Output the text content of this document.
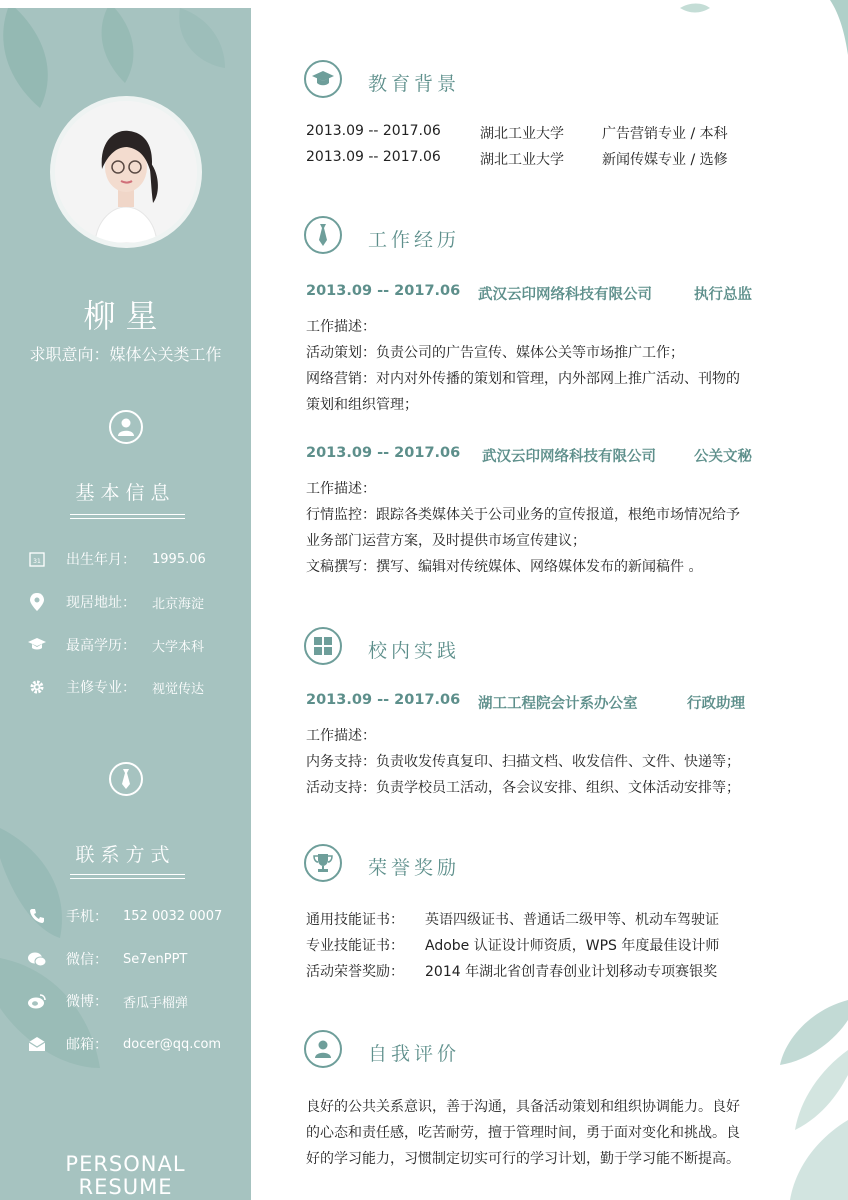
柳星
求职意向：媒体公关类工作
基本信息
31 出生年月：	1995.06
现居地址：	北京海淀
最高学历：	大学本科
主修专业：	视觉传达
联系方式
手机：	152 0032 0007
微信：	Se7enPPT
微博：	香瓜手榴弹
邮箱：	docer@qq.com
PERSONAL
RESUME
教育背景
2013.09 -- 2017.06	湖北工业大学	广告营销专业 / 本科
2013.09 -- 2017.06	湖北工业大学	新闻传媒专业 / 选修
工作经历
2013.09 -- 2017.06 武汉云印网络科技有限公司	执行总监
工作描述：
活动策划：负责公司的广告宣传、媒体公关等市场推广工作；
网络营销：对内对外传播的策划和管理，内外部网上推广活动、刊物的
策划和组织管理；
2013.09 -- 2017.06 武汉云印网络科技有限公司	公关文秘
工作描述：
行情监控：跟踪各类媒体关于公司业务的宣传报道，根绝市场情况给予
业务部门运营方案，及时提供市场宣传建议；
文稿撰写：撰写、编辑对传统媒体、网络媒体发布的新闻稿件 。
校内实践
2013.09 -- 2017.06 湖工工程院会计系办公室	行政助理
工作描述：
内务支持：负责收发传真复印、扫描文档、收发信件、文件、快递等；
活动支持：负责学校员工活动，各会议安排、组织、文体活动安排等；
荣誉奖励
通用技能证书： 英语四级证书、普通话二级甲等、机动车驾驶证
专业技能证书： Adobe 认证设计师资质，WPS 年度最佳设计师
活动荣誉奖励： 2014 年湖北省创青春创业计划移动专项赛银奖
自我评价
良好的公共关系意识，善于沟通，具备活动策划和组织协调能力。良好
的心态和责任感，吃苦耐劳，擅于管理时间，勇于面对变化和挑战。良
好的学习能力，习惯制定切实可行的学习计划，勤于学习能不断提高。
